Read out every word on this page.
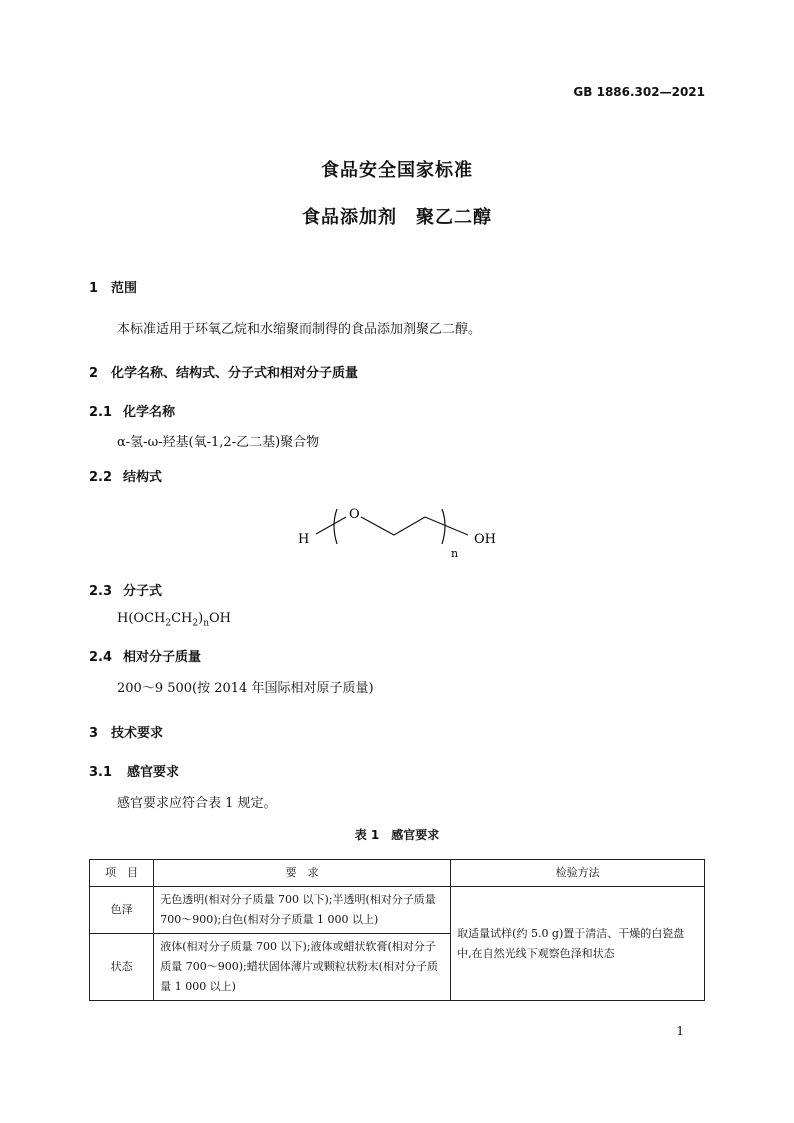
GB 1886.302—2021
食品安全国家标准
食品添加剂　聚乙二醇
1 范围
本标准适用于环氧乙烷和水缩聚而制得的食品添加剂聚乙二醇。
2 化学名称、结构式、分子式和相对分子质量
2.1 化学名称
α-氢-ω-羟基(氧-1,2-乙二基)聚合物
2.2 结构式
H
O
OH
n
2.3 分子式
$H(OCH_2CH_2)_nOH$
2.4 相对分子质量
200～9 500(按 2014 年国际相对原子质量)
3 技术要求
3.1 感官要求
感官要求应符合表 1 规定。
表 1　感官要求
项　目	要　求	检验方法
色泽	无色透明(相对分子质量 700 以下);半透明(相对分子质量 700～900);白色(相对分子质量 1 000 以上)	取适量试样(约 5.0 g)置于清洁、干燥的白瓷盘中,在自然光线下观察色泽和状态
状态	液体(相对分子质量 700 以下);液体或蜡状软膏(相对分子质量 700～900);蜡状固体薄片或颗粒状粉末(相对分子质量 1 000 以上)	
1
